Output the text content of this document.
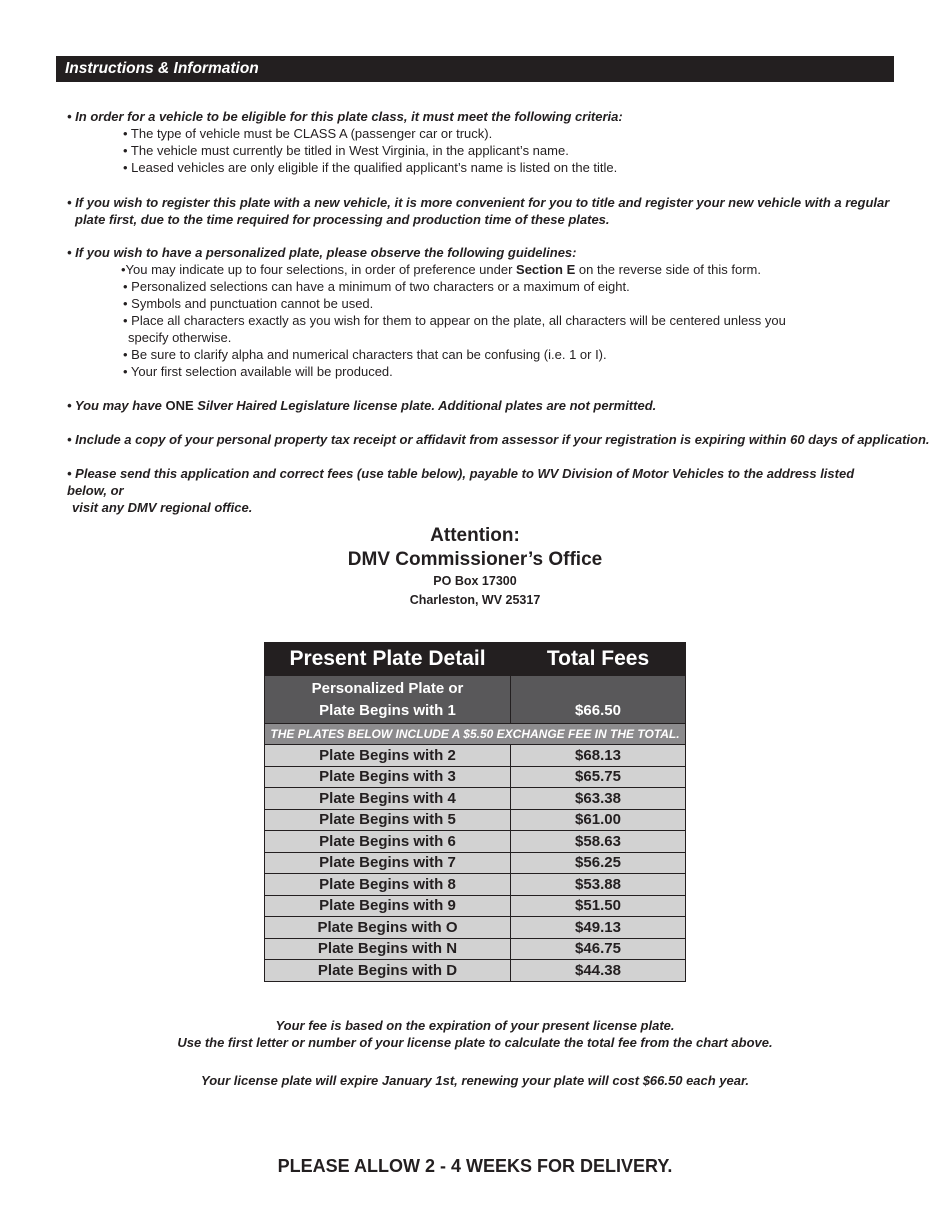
Instructions & Information
• In order for a vehicle to be eligible for this plate class, it must meet the following criteria:
• The type of vehicle must be CLASS A (passenger car or truck).
• The vehicle must currently be titled in West Virginia, in the applicant’s name.
• Leased vehicles are only eligible if the qualified applicant’s name is listed on the title.
• If you wish to register this plate with a new vehicle, it is more convenient for you to title and register your new vehicle with a regular
plate first, due to the time required for processing and production time of these plates.
• If you wish to have a personalized plate, please observe the following guidelines:
•You may indicate up to four selections, in order of preference under Section E on the reverse side of this form.
• Personalized selections can have a minimum of two characters or a maximum of eight.
• Symbols and punctuation cannot be used.
• Place all characters exactly as you wish for them to appear on the plate, all characters will be centered unless you
specify otherwise.
• Be sure to clarify alpha and numerical characters that can be confusing (i.e. 1 or I).
• Your first selection available will be produced.
• You may have ONE Silver Haired Legislature license plate. Additional plates are not permitted.
• Include a copy of your personal property tax receipt or affidavit from assessor if your registration is expiring within 60 days of application.
• Please send this application and correct fees (use table below), payable to WV Division of Motor Vehicles to the address listed below, or
visit any DMV regional office.
Attention:
DMV Commissioner’s Office
PO Box 17300
Charleston, WV 25317
Present Plate Detail	Total Fees

Personalized Plate or
Plate Begins with 1	$66.50
THE PLATES BELOW INCLUDE A $5.50 EXCHANGE FEE IN THE TOTAL.	
Plate Begins with 2	$68.13
Plate Begins with 3	$65.75
Plate Begins with 4	$63.38
Plate Begins with 5	$61.00
Plate Begins with 6	$58.63
Plate Begins with 7	$56.25
Plate Begins with 8	$53.88
Plate Begins with 9	$51.50
Plate Begins with O	$49.13
Plate Begins with N	$46.75
Plate Begins with D	$44.38
Your fee is based on the expiration of your present license plate.
Use the first letter or number of your license plate to calculate the total fee from the chart above.
Your license plate will expire January 1st, renewing your plate will cost $66.50 each year.
PLEASE ALLOW 2 - 4 WEEKS FOR DELIVERY.
